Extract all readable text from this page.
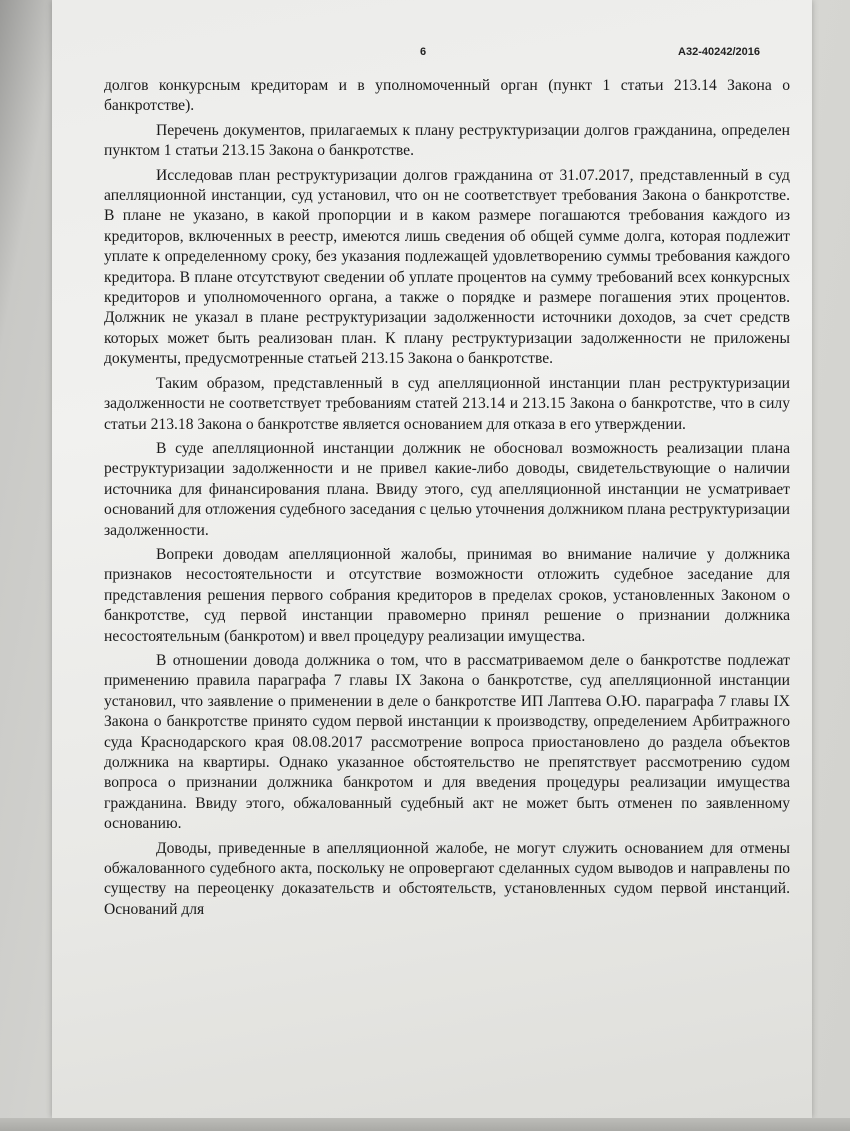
6	А32-40242/2016

долгов конкурсным кредиторам и в уполномоченный орган (пункт 1 статьи 213.14 Закона о банкротстве).

Перечень документов, прилагаемых к плану реструктуризации долгов гражданина, определен пунктом 1 статьи 213.15 Закона о банкротстве.

Исследовав план реструктуризации долгов гражданина от 31.07.2017, представленный в суд апелляционной инстанции, суд установил, что он не соответствует требования Закона о банкротстве. В плане не указано, в какой пропорции и в каком размере погашаются требования каждого из кредиторов, включенных в реестр, имеются лишь сведения об общей сумме долга, которая подлежит уплате к определенному сроку, без указания подлежащей удовлетворению суммы требования каждого кредитора. В плане отсутствуют сведении об уплате процентов на сумму требований всех конкурсных кредиторов и уполномоченного органа, а также о порядке и размере погашения этих процентов. Должник не указал в плане реструктуризации задолженности источники доходов, за счет средств которых может быть реализован план. К плану реструктуризации задолженности не приложены документы, предусмотренные статьей 213.15 Закона о банкротстве.

Таким образом, представленный в суд апелляционной инстанции план реструктуризации задолженности не соответствует требованиям статей 213.14 и 213.15 Закона о банкротстве, что в силу статьи 213.18 Закона о банкротстве является основанием для отказа в его утверждении.

В суде апелляционной инстанции должник не обосновал возможность реализации плана реструктуризации задолженности и не привел какие-либо доводы, свидетельствующие о наличии источника для финансирования плана. Ввиду этого, суд апелляционной инстанции не усматривает оснований для отложения судебного заседания с целью уточнения должником плана реструктуризации задолженности.

Вопреки доводам апелляционной жалобы, принимая во внимание наличие у должника признаков несостоятельности и отсутствие возможности отложить судебное заседание для представления решения первого собрания кредиторов в пределах сроков, установленных Законом о банкротстве, суд первой инстанции правомерно принял решение о признании должника несостоятельным (банкротом) и ввел процедуру реализации имущества.

В отношении довода должника о том, что в рассматриваемом деле о банкротстве подлежат применению правила параграфа 7 главы IX Закона о банкротстве, суд апелляционной инстанции установил, что заявление о применении в деле о банкротстве ИП Лаптева О.Ю. параграфа 7 главы IX Закона о банкротстве принято судом первой инстанции к производству, определением Арбитражного суда Краснодарского края 08.08.2017 рассмотрение вопроса приостановлено до раздела объектов должника на квартиры. Однако указанное обстоятельство не препятствует рассмотрению судом вопроса о признании должника банкротом и для введения процедуры реализации имущества гражданина. Ввиду этого, обжалованный судебный акт не может быть отменен по заявленному основанию.

Доводы, приведенные в апелляционной жалобе, не могут служить основанием для отмены обжалованного судебного акта, поскольку не опровергают сделанных судом выводов и направлены по существу на переоценку доказательств и обстоятельств, установленных судом первой инстанций. Оснований для
